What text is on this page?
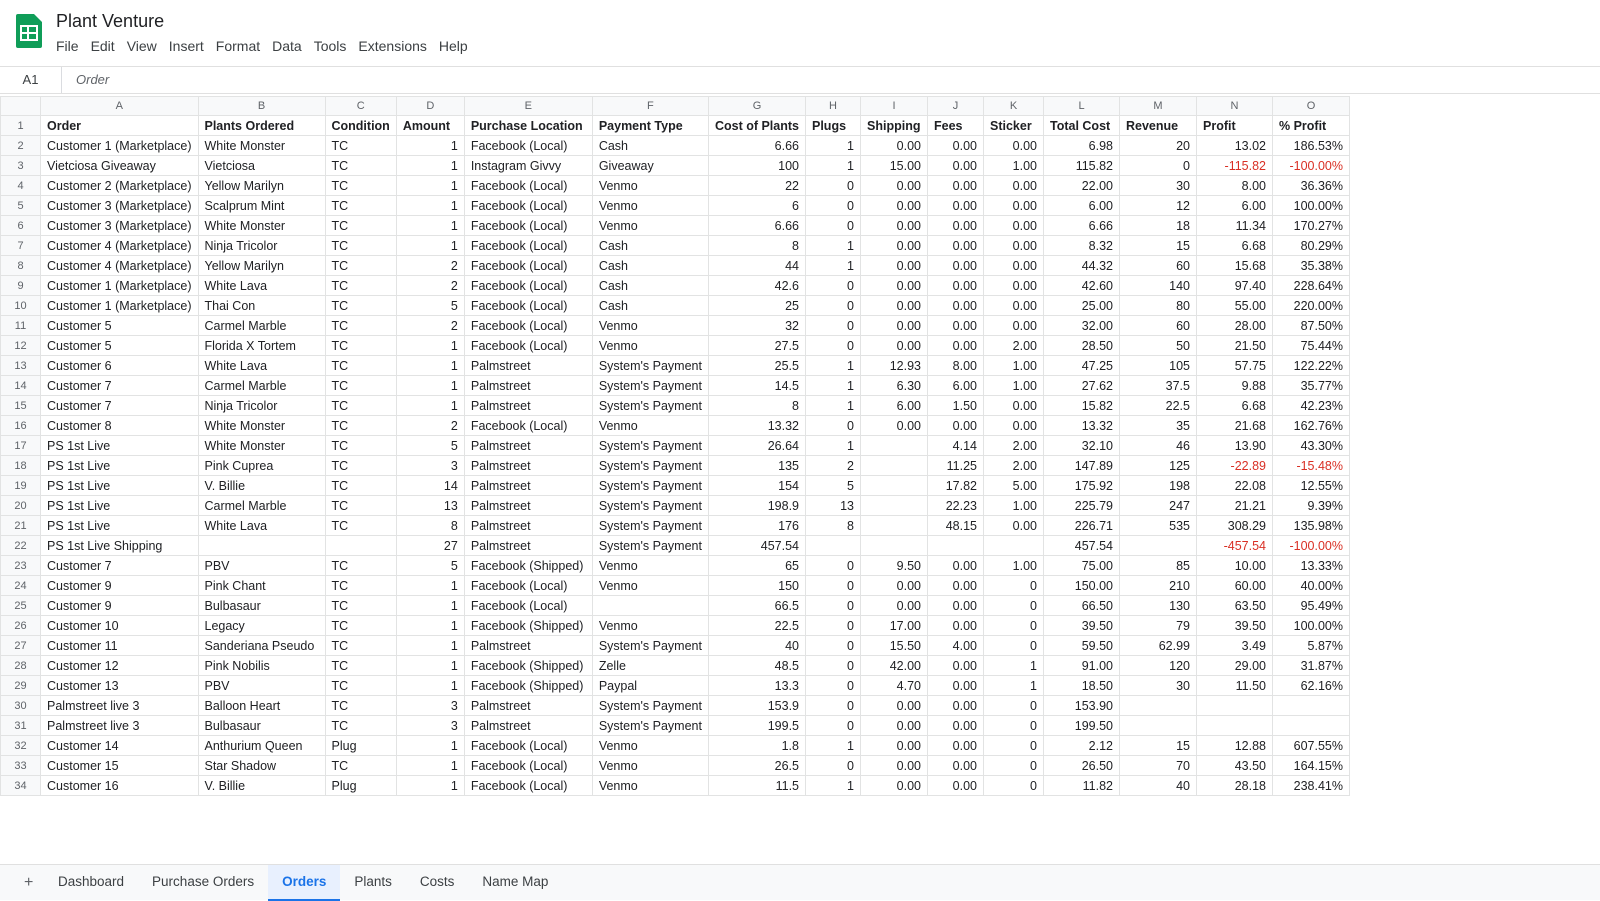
Plant Venture
File Edit View Insert Format Data Tools Extensions Help
A1	Order
	A	B	C	D	E	F	G	H	I	J	K	L	M	N	O
1	Order	Plants Ordered	Condition	Amount	Purchase Location	Payment Type	Cost of Plants	Plugs	Shipping	Fees	Sticker	Total Cost	Revenue	Profit	% Profit
2	Customer 1 (Marketplace)	White Monster	TC	1	Facebook (Local)	Cash	6.66	1	0.00	0.00	0.00	6.98	20	13.02	186.53%
3	Vietciosa Giveaway	Vietciosa	TC	1	Instagram Givvy	Giveaway	100	1	15.00	0.00	1.00	115.82	0	-115.82	-100.00%
4	Customer 2 (Marketplace)	Yellow Marilyn	TC	1	Facebook (Local)	Venmo	22	0	0.00	0.00	0.00	22.00	30	8.00	36.36%
5	Customer 3 (Marketplace)	Scalprum Mint	TC	1	Facebook (Local)	Venmo	6	0	0.00	0.00	0.00	6.00	12	6.00	100.00%
6	Customer 3 (Marketplace)	White Monster	TC	1	Facebook (Local)	Venmo	6.66	0	0.00	0.00	0.00	6.66	18	11.34	170.27%
7	Customer 4 (Marketplace)	Ninja Tricolor	TC	1	Facebook (Local)	Cash	8	1	0.00	0.00	0.00	8.32	15	6.68	80.29%
8	Customer 4 (Marketplace)	Yellow Marilyn	TC	2	Facebook (Local)	Cash	44	1	0.00	0.00	0.00	44.32	60	15.68	35.38%
9	Customer 1 (Marketplace)	White Lava	TC	2	Facebook (Local)	Cash	42.6	0	0.00	0.00	0.00	42.60	140	97.40	228.64%
10	Customer 1 (Marketplace)	Thai Con	TC	5	Facebook (Local)	Cash	25	0	0.00	0.00	0.00	25.00	80	55.00	220.00%
11	Customer 5	Carmel Marble	TC	2	Facebook (Local)	Venmo	32	0	0.00	0.00	0.00	32.00	60	28.00	87.50%
12	Customer 5	Florida X Tortem	TC	1	Facebook (Local)	Venmo	27.5	0	0.00	0.00	2.00	28.50	50	21.50	75.44%
13	Customer 6	White Lava	TC	1	Palmstreet	System's Payment	25.5	1	12.93	8.00	1.00	47.25	105	57.75	122.22%
14	Customer 7	Carmel Marble	TC	1	Palmstreet	System's Payment	14.5	1	6.30	6.00	1.00	27.62	37.5	9.88	35.77%
15	Customer 7	Ninja Tricolor	TC	1	Palmstreet	System's Payment	8	1	6.00	1.50	0.00	15.82	22.5	6.68	42.23%
16	Customer 8	White Monster	TC	2	Facebook (Local)	Venmo	13.32	0	0.00	0.00	0.00	13.32	35	21.68	162.76%
17	PS 1st Live	White Monster	TC	5	Palmstreet	System's Payment	26.64	1		4.14	2.00	32.10	46	13.90	43.30%
18	PS 1st Live	Pink Cuprea	TC	3	Palmstreet	System's Payment	135	2		11.25	2.00	147.89	125	-22.89	-15.48%
19	PS 1st Live	V. Billie	TC	14	Palmstreet	System's Payment	154	5		17.82	5.00	175.92	198	22.08	12.55%
20	PS 1st Live	Carmel Marble	TC	13	Palmstreet	System's Payment	198.9	13		22.23	1.00	225.79	247	21.21	9.39%
21	PS 1st Live	White Lava	TC	8	Palmstreet	System's Payment	176	8		48.15	0.00	226.71	535	308.29	135.98%
22	PS 1st Live Shipping			27	Palmstreet	System's Payment	457.54					457.54		-457.54	-100.00%
23	Customer 7	PBV	TC	5	Facebook (Shipped)	Venmo	65	0	9.50	0.00	1.00	75.00	85	10.00	13.33%
24	Customer 9	Pink Chant	TC	1	Facebook (Local)	Venmo	150	0	0.00	0.00	0	150.00	210	60.00	40.00%
25	Customer 9	Bulbasaur	TC	1	Facebook (Local)		66.5	0	0.00	0.00	0	66.50	130	63.50	95.49%
26	Customer 10	Legacy	TC	1	Facebook (Shipped)	Venmo	22.5	0	17.00	0.00	0	39.50	79	39.50	100.00%
27	Customer 11	Sanderiana Pseudo	TC	1	Palmstreet	System's Payment	40	0	15.50	4.00	0	59.50	62.99	3.49	5.87%
28	Customer 12	Pink Nobilis	TC	1	Facebook (Shipped)	Zelle	48.5	0	42.00	0.00	1	91.00	120	29.00	31.87%
29	Customer 13	PBV	TC	1	Facebook (Shipped)	Paypal	13.3	0	4.70	0.00	1	18.50	30	11.50	62.16%
30	Palmstreet live 3	Balloon Heart	TC	3	Palmstreet	System's Payment	153.9	0	0.00	0.00	0	153.90			
31	Palmstreet live 3	Bulbasaur	TC	3	Palmstreet	System's Payment	199.5	0	0.00	0.00	0	199.50			
32	Customer 14	Anthurium Queen	Plug	1	Facebook (Local)	Venmo	1.8	1	0.00	0.00	0	2.12	15	12.88	607.55%
33	Customer 15	Star Shadow	TC	1	Facebook (Local)	Venmo	26.5	0	0.00	0.00	0	26.50	70	43.50	164.15%
34	Customer 16	V. Billie	Plug	1	Facebook (Local)	Venmo	11.5	1	0.00	0.00	0	11.82	40	28.18	238.41%
+	Dashboard	Purchase Orders	Orders	Plants	Costs	Name Map
